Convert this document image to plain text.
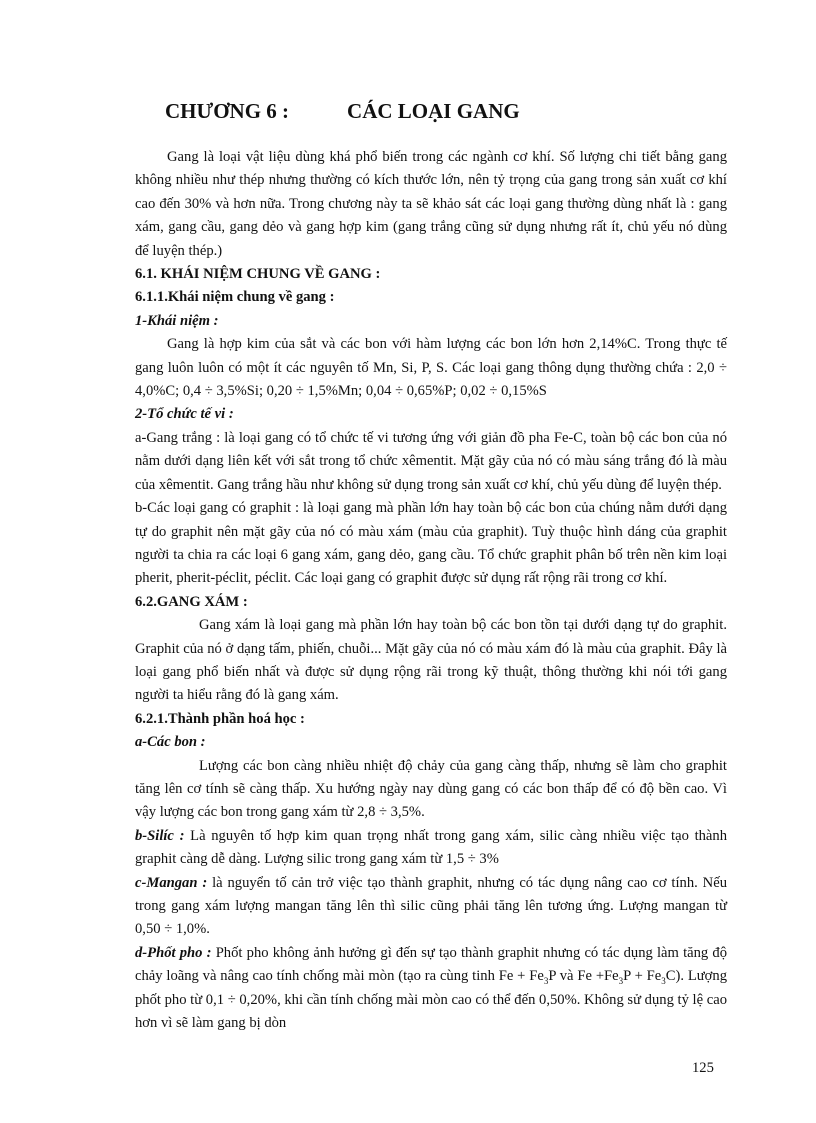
CHƯƠNG 6 :	CÁC LOẠI GANG

Gang là loại vật liệu dùng khá phổ biến trong các ngành cơ khí. Số lượng chi tiết bằng gang không nhiều như thép nhưng thường có kích thước lớn, nên tỷ trọng của gang trong sản xuất cơ khí cao đến 30% và hơn nữa. Trong chương này ta sẽ khảo sát các loại gang thường dùng nhất là : gang xám, gang cầu, gang dẻo và gang hợp kim (gang trắng cũng sử dụng nhưng rất ít, chủ yếu nó dùng để luyện thép.)

6.1. KHÁI NIỆM CHUNG VỀ GANG :

6.1.1.Khái niệm chung về gang :

1-Khái niệm :

Gang là hợp kim của sắt và các bon với hàm lượng các bon lớn hơn 2,14%C. Trong thực tế gang luôn luôn có một ít các nguyên tố Mn, Si, P, S. Các loại gang thông dụng thường chứa : 2,0 ÷ 4,0%C; 0,4 ÷ 3,5%Si; 0,20 ÷ 1,5%Mn; 0,04 ÷ 0,65%P; 0,02 ÷ 0,15%S

2-Tổ chức tế vi :

a-Gang trắng : là loại gang có tổ chức tế vi tương ứng với giản đồ pha Fe-C, toàn bộ các bon của nó nằm dưới dạng liên kết với sắt trong tổ chức xêmentit. Mặt gãy của nó có màu sáng trắng đó là màu của xêmentit. Gang trắng hầu như không sử dụng trong sản xuất cơ khí, chủ yếu dùng để luyện thép.

b-Các loại gang có graphit : là loại gang mà phần lớn hay toàn bộ các bon của chúng nằm dưới dạng tự do graphit nên mặt gãy của nó có màu xám (màu của graphit). Tuỳ thuộc hình dáng của graphit người ta chia ra các loại 6 gang xám, gang dẻo, gang cầu. Tổ chức graphit phân bố trên nền kim loại pherit, pherit-péclit, péclit. Các loại gang có graphit được sử dụng rất rộng rãi trong cơ khí.

6.2.GANG XÁM :

Gang xám là loại gang mà phần lớn hay toàn bộ các bon tồn tại dưới dạng tự do graphit. Graphit của nó ở dạng tấm, phiến, chuỗi... Mặt gãy của nó có màu xám đó là màu của graphit. Đây là loại gang phổ biến nhất và được sử dụng rộng rãi trong kỹ thuật, thông thường khi nói tới gang người ta hiểu rằng đó là gang xám.

6.2.1.Thành phần hoá học :

a-Các bon :

Lượng các bon càng nhiều nhiệt độ chảy của gang càng thấp, nhưng sẽ làm cho graphit tăng lên cơ tính sẽ càng thấp. Xu hướng ngày nay dùng gang có các bon thấp để có độ bền cao. Vì vậy lượng các bon trong gang xám từ 2,8 ÷ 3,5%.

b-Silíc : Là nguyên tố hợp kim quan trọng nhất trong gang xám, silic càng nhiều việc tạo thành graphit càng dễ dàng. Lượng silic trong gang xám từ 1,5 ÷ 3%

c-Mangan : là nguyển tố cản trở việc tạo thành graphit, nhưng có tác dụng nâng cao cơ tính. Nếu trong gang xám lượng mangan tăng lên thì silic cũng phải tăng lên tương ứng. Lượng mangan từ 0,50 ÷ 1,0%.

d-Phốt pho : Phốt pho không ảnh hưởng gì đến sự tạo thành graphit nhưng có tác dụng làm tăng độ chảy loãng và nâng cao tính chống mài mòn (tạo ra cùng tinh $Fe + Fe_3P$ và $Fe +Fe_3P + Fe_3C$). Lượng phốt pho từ 0,1 ÷ 0,20%, khi cần tính chống mài mòn cao có thể đến 0,50%. Không sử dụng tỷ lệ cao hơn vì sẽ làm gang bị dòn

125
